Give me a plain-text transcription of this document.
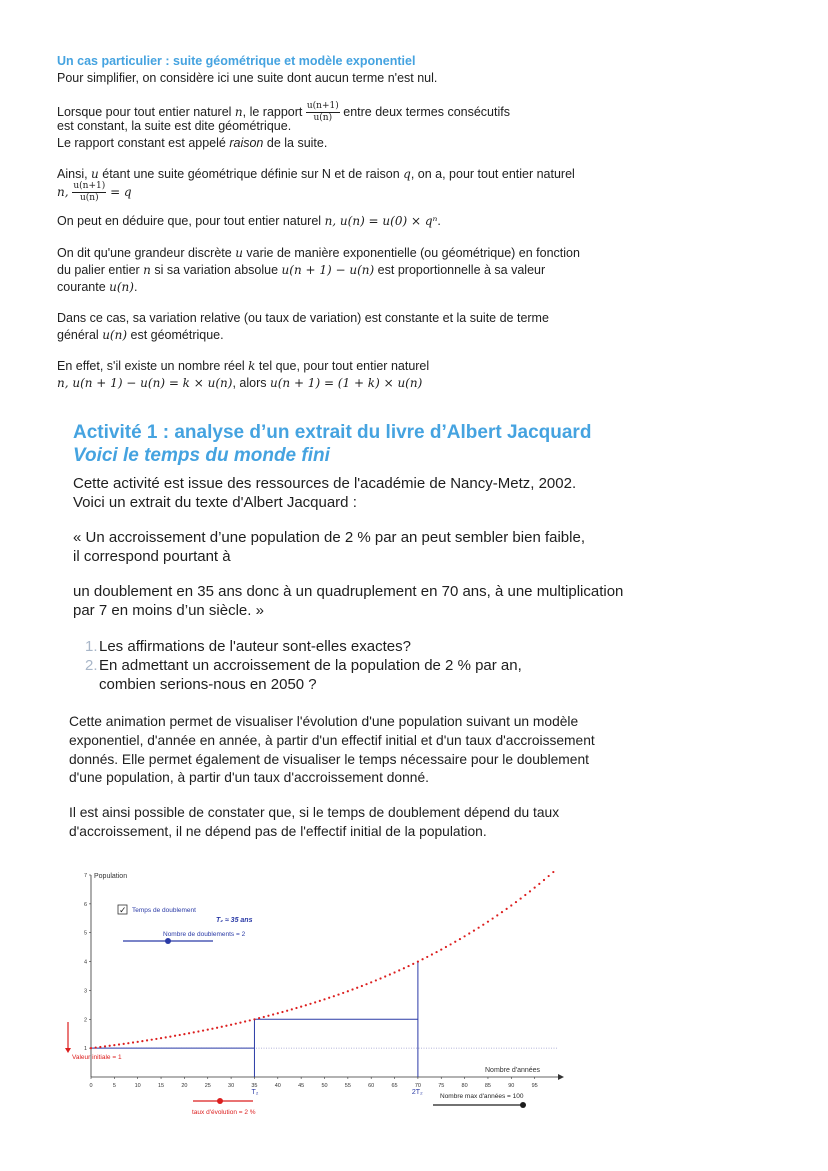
Un cas particulier : suite géométrique et modèle exponentiel
Pour simplifier, on considère ici une suite dont aucun terme n'est nul.
Lorsque pour tout entier naturel n, le rapport $\frac{u(n+1)}{u(n)}$ entre deux termes consécutifs
est constant, la suite est dite géométrique.
Le rapport constant est appelé raison de la suite.
Ainsi, u étant une suite géométrique définie sur N et de raison q, on a, pour tout entier naturel
n, $\frac{u(n+1)}{u(n)} = q$
On peut en déduire que, pour tout entier naturel n, u(n) = u(0) × qⁿ.
On dit qu'une grandeur discrète u varie de manière exponentielle (ou géométrique) en fonction
du palier entier n si sa variation absolue u(n + 1) − u(n) est proportionnelle à sa valeur
courante u(n).
Dans ce cas, sa variation relative (ou taux de variation) est constante et la suite de terme
général u(n) est géométrique.
En effet, s'il existe un nombre réel k tel que, pour tout entier naturel
n, u(n + 1) − u(n) = k × u(n), alors u(n + 1) = (1 + k) × u(n)
Activité 1 : analyse d’un extrait du livre d’Albert Jacquard
Voici le temps du monde fini
Cette activité est issue des ressources de l'académie de Nancy-Metz, 2002.
Voici un extrait du texte d'Albert Jacquard :
« Un accroissement d’une population de 2 % par an peut sembler bien faible,
il correspond pourtant à
un doublement en 35 ans donc à un quadruplement en 70 ans, à une multiplication
par 7 en moins d’un siècle. »
1.Les affirmations de l'auteur sont-elles exactes?
2.En admettant un accroissement de la population de 2 % par an,
combien serions-nous en 2050 ?
Cette animation permet de visualiser l'évolution d'une population suivant un modèle
exponentiel, d'année en année, à partir d'un effectif initial et d'un taux d'accroissement
donnés. Elle permet également de visualiser le temps nécessaire pour le doublement
d'une population, à partir d'un taux d'accroissement donné.
Il est ainsi possible de constater que, si le temps de doublement dépend du taux
d'accroissement, il ne dépend pas de l'effectif initial de la population.
Population
Nombre d'années
0	5	10	15	20	25	30	35	40	45	50	55	60	65	70	75	80	85	90	95
1
2
3
4
5
6
7
✓ Temps de doublement
T₂ ≈ 35 ans
Nombre de doublements = 2
Valeur initiale = 1
T₂	2T₂
Nombre max d'années = 100
taux d'évolution = 2 %
